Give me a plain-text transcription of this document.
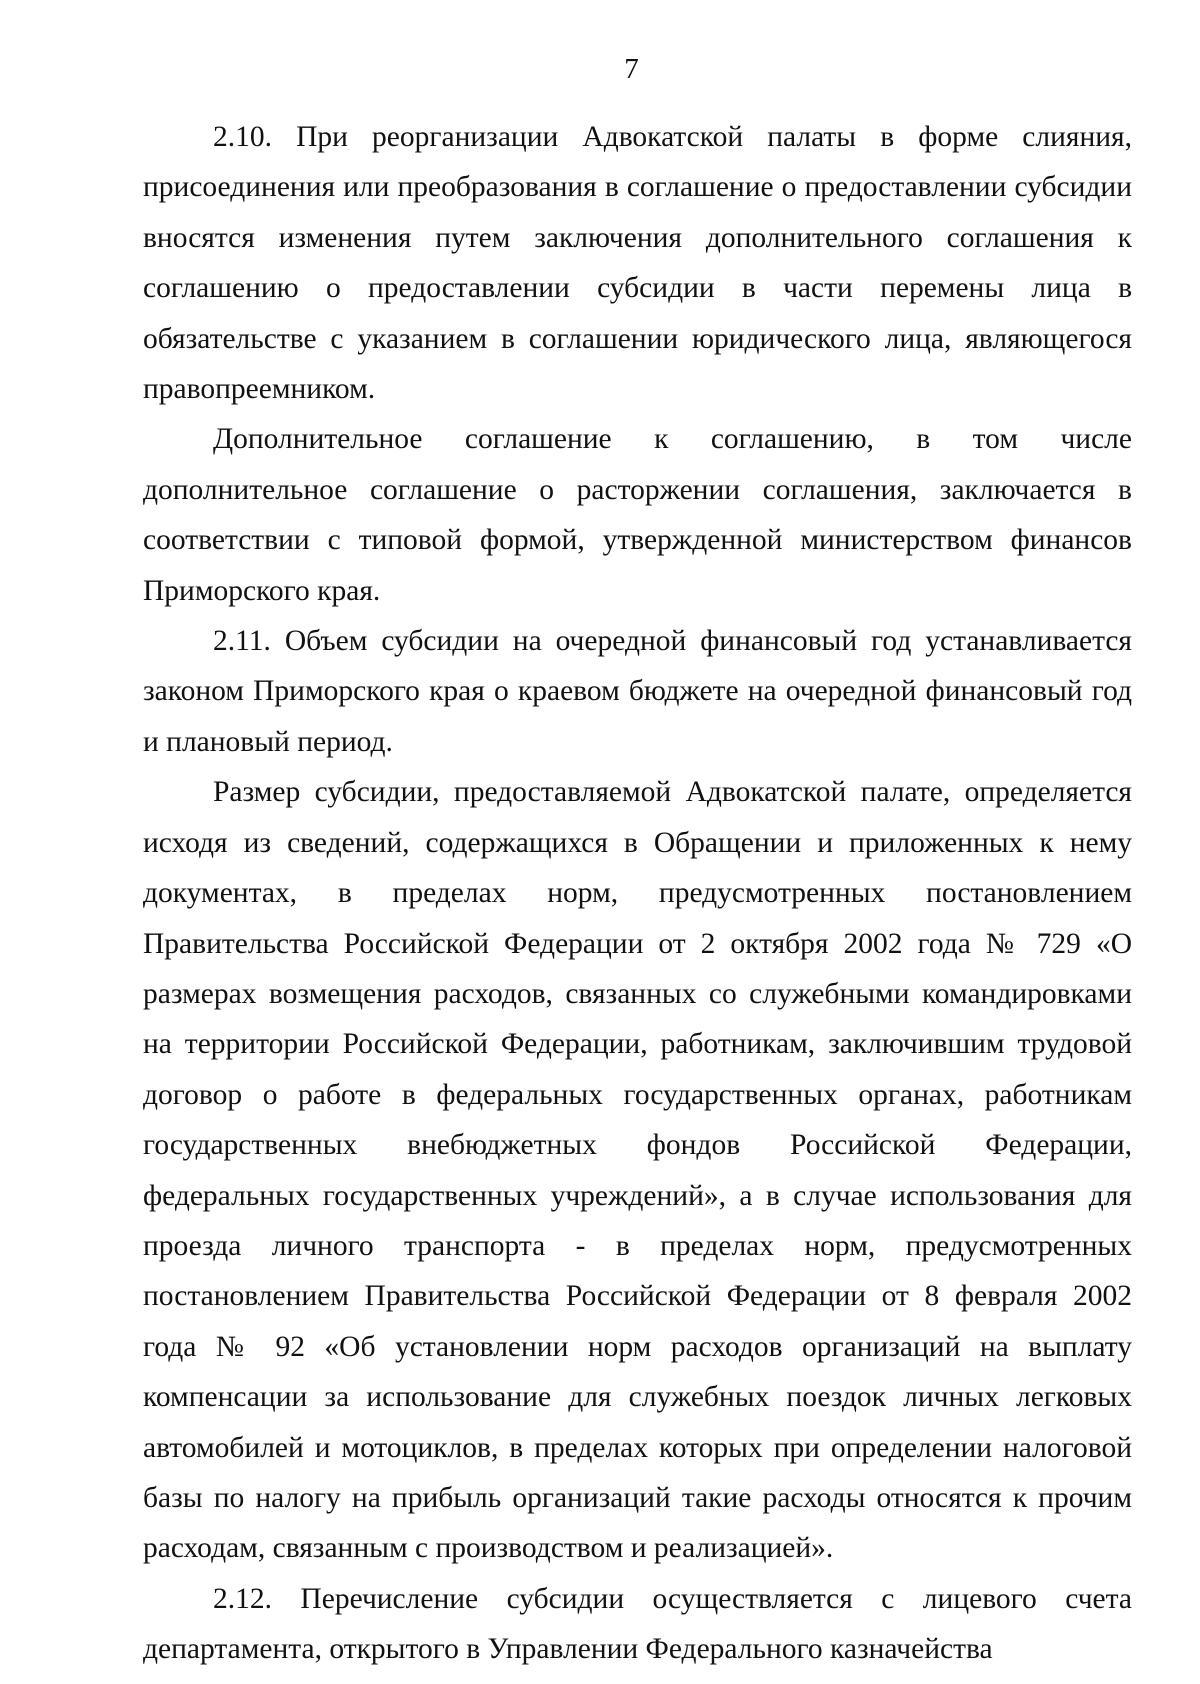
7

2.10. При реорганизации Адвокатской палаты в форме слияния, присоединения или преобразования в соглашение о предоставлении субсидии вносятся изменения путем заключения дополнительного соглашения к соглашению о предоставлении субсидии в части перемены лица в обязательстве с указанием в соглашении юридического лица, являющегося правопреемником.

Дополнительное соглашение к соглашению, в том числе дополнительное соглашение о расторжении соглашения, заключается в соответствии с типовой формой, утвержденной министерством финансов Приморского края.

2.11. Объем субсидии на очередной финансовый год устанавливается законом Приморского края о краевом бюджете на очередной финансовый год и плановый период.

Размер субсидии, предоставляемой Адвокатской палате, определяется исходя из сведений, содержащихся в Обращении и приложенных к нему документах, в пределах норм, предусмотренных постановлением Правительства Российской Федерации от 2 октября 2002 года № 729 «О размерах возмещения расходов, связанных со служебными командировками на территории Российской Федерации, работникам, заключившим трудовой договор о работе в федеральных государственных органах, работникам государственных внебюджетных фондов Российской Федерации, федеральных государственных учреждений», а в случае использования для проезда личного транспорта - в пределах норм, предусмотренных постановлением Правительства Российской Федерации от 8 февраля 2002 года № 92 «Об установлении норм расходов организаций на выплату компенсации за использование для служебных поездок личных легковых автомобилей и мотоциклов, в пределах которых при определении налоговой базы по налогу на прибыль организаций такие расходы относятся к прочим расходам, связанным с производством и реализацией».

2.12. Перечисление субсидии осуществляется с лицевого счета департамента, открытого в Управлении Федерального казначейства
